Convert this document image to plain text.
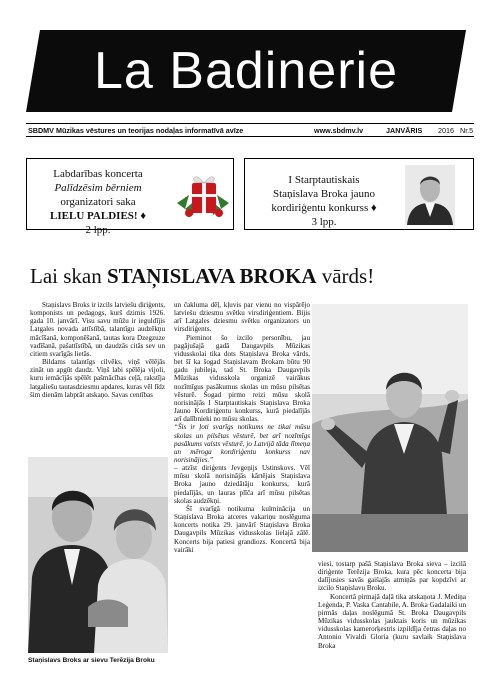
La Badinerie
SBDMV Mūzikas vēstures un teorijas nodaļas informatīvā avīze	www.sbdmv.lv	JANVĀRIS 2016 Nr.5
Labdarības koncerta
Palīdzēsim bērniem
organizatori saka
LIELU PALDIES! ♦
2 lpp.
I Starptautiskais
Staņislava Broka jauno
kordiriģentu konkurss ♦
3 lpp.
Lai skan STAŅISLAVA BROKA vārds!

Staņislavs Broks ir izcils latviešu diriģents, komponists un pedagogs, kurš dzimis 1926. gada 10. janvārī. Visu savu mūžu ir ieguldījis Latgales novada attīstībā, talantīgu audzēkņu mācīšanā, komponēšanā, tautas kora Dzegzuze vadīšanā, pašattīstībā, un daudzās citās sev un citiem svarīgās lietās.

Bildams talantīgs cilvēks, viņš vēlējās zināt un apgūt daudz. Viņš labi spēlēja vijoli, kuru iemācījās spēlēt pašmācības ceļā, rakstīja latgaliešu tautasdziesmu apdares, kuras vēl līdz šim dienām labprāt atskaņo. Savas centības

un čakluma dēļ, kļuvis par vienu no vispārējo latviešu dziesmu svētku virsdiriģentiem. Bijis arī Latgales dziesmu svētku organizators un virsdiriģents.

Pieminot šo izcilo personību, jau pagājušajā gadā Daugavpils Mūzikas vidusskolai tika dots Staņislava Broka vārds, bet šī ka šogad Staņislavam Brokam būtu 90 gadu jubileja, tad St. Broka Daugavpils Mūzikas vidusskola organizē vairākus nozīmīgus pasākumus skolas un mūsu pilsētas vēsturē. Šogad pirmo reizi mūsu skolā norisinājās I Starptautiskais Staņislava Broka Jauno Kordiriģentu konkurss, kurā piedalījās arī dalībnieki no mūsu skolas.

“Šis ir ļoti svarīgs notikums ne tikai mūsu skolas un pilsētas vēsturē, bet arī nozīmīgs pasākums valsts vēsturē, jo Latvijā tāda līmeņa un mēroga kordiriģentu konkurss nav norisinājies.”

– atzīst diriģents Jevgeņijs Ustinskovs. Vēl mūsu skolā norisinājās kārtējais Staņislava Broka jauno dziedātāju konkurss, kurā piedalījās, un lauras plīča arī mūsu pilsētas skolas audzēkņi.

Šī svarīgā notikuma kulminācija un Staņislava Broka atceres vakariņu noslēguma koncerts notika 29. janvārī Staņislava Broka Daugavpils Mūzikas vidusskolas lielajā zālē. Koncerts bija patiesi grandiozs. Koncertā bija vairāki

viesi, tostarp pašā Staņislava Broka sieva – izcilā diriģente Terēzija Broka, kura pēc koncerta bija dalījusies savās gaišajās atmiņās par kopdzīvi ar izcilo Staņislavu Broku.

Koncertā pirmajā daļā tika atskaņota J. Mediņa Leģenda, P. Vaska Cantabile, A. Broka Gadalaiki un pirmās daļas noslēgumā St. Broka Daugavpils Mūzikas vidusskolas jauktais koris un mūzikas vidusskolas kamerorķestris izpildīja četras daļas no Antonio Vivaldi Gloria (kuru savlaik Staņislava Broka

Staņislavs Broks ar sievu Terēzija Broku
